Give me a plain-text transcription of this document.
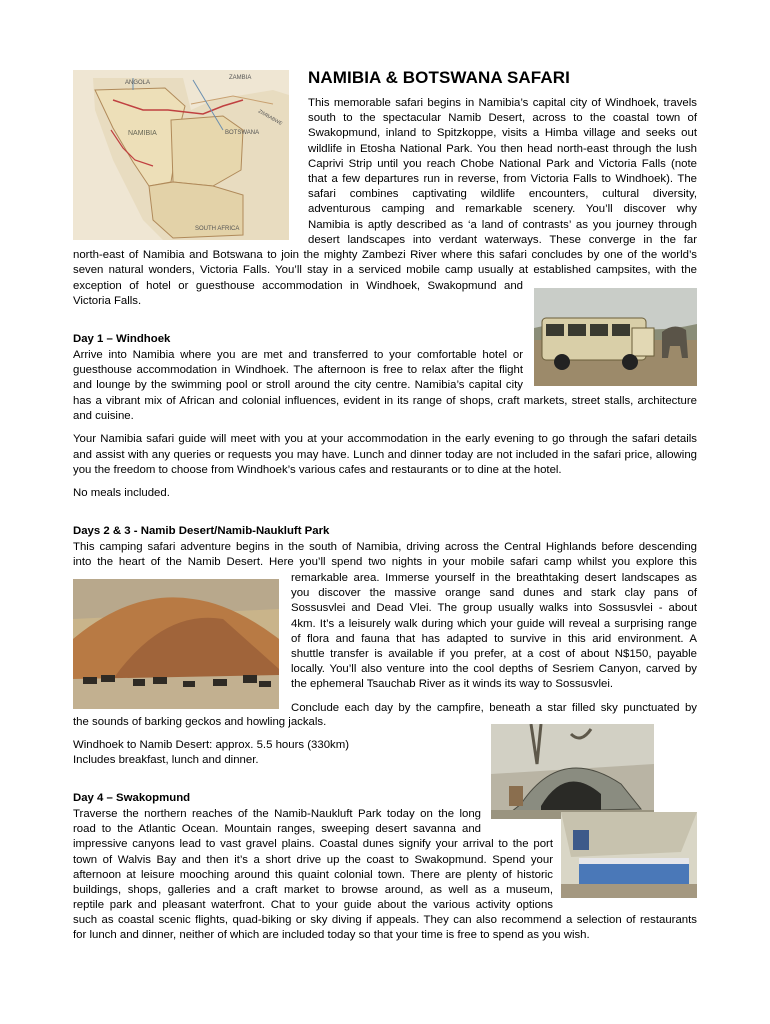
NAMIBIA & BOTSWANA SAFARI
ANGOLA
ZAMBIA
NAMIBIA	BOTSWANA
ZIMBABWE
SOUTH AFRICA

This memorable safari begins in Namibia’s capital city of Windhoek, travels

south to the spectacular Namib Desert, across to the coastal town of

Swakopmund, inland to Spitzkoppe, visits a Himba village and seeks out

wildlife in Etosha National Park. You then head north-east through the lush

Caprivi Strip until you reach Chobe National Park and Victoria Falls (note

that a few departures run in reverse, from Victoria Falls to Windhoek). The

safari combines captivating wildlife encounters, cultural diversity,

adventurous camping and remarkable scenery. You’ll discover why

Namibia is aptly described as ‘a land of contrasts’ as you journey through

desert landscapes into verdant waterways. These converge in the far

north-east of Namibia and Botswana to join the mighty Zambezi River where this safari concludes by one of the world’s

seven natural wonders, Victoria Falls. You’ll stay in a serviced mobile camp usually at established campsites, with the

exception of hotel or guesthouse accommodation in Windhoek, Swakopmund and

Victoria Falls.

Day 1 – Windhoek

Arrive into Namibia where you are met and transferred to your comfortable hotel or

guesthouse accommodation in Windhoek. The afternoon is free to relax after the flight

and lounge by the swimming pool or stroll around the city centre. Namibia’s capital city

has a vibrant mix of African and colonial influences, evident in its range of shops, craft markets, street stalls, architecture

and cuisine.

Your Namibia safari guide will meet with you at your accommodation in the early evening to go through the safari details and assist with any queries or requests you may have. Lunch and dinner today are not included in the safari price, allowing you the freedom to choose from Windhoek’s various cafes and restaurants or to dine at the hotel.

No meals included.

Days 2 & 3 - Namib Desert/Namib-Naukluft Park

This camping safari adventure begins in the south of Namibia, driving across the Central Highlands before descending

into the heart of the Namib Desert. Here you’ll spend two nights in your mobile safari camp whilst you explore this

remarkable area. Immerse yourself in the breathtaking desert landscapes as

you discover the massive orange sand dunes and stark clay pans of

Sossusvlei and Dead Vlei. The group usually walks into Sossusvlei - about

4km. It’s a leisurely walk during which your guide will reveal a surprising range

of flora and fauna that has adapted to survive in this arid environment. A

shuttle transfer is available if you prefer, at a cost of about N$150, payable

locally. You’ll also venture into the cool depths of Sesriem Canyon, carved by

the ephemeral Tsauchab River as it winds its way to Sossusvlei.

Conclude each day by the campfire, beneath a star filled sky punctuated by

the sounds of barking geckos and howling jackals.

Windhoek to Namib Desert: approx. 5.5 hours (330km)

Includes breakfast, lunch and dinner.

Day 4 – Swakopmund

Traverse the northern reaches of the Namib-Naukluft Park today on the long

road to the Atlantic Ocean. Mountain ranges, sweeping desert savanna and

impressive canyons lead to vast gravel plains. Coastal dunes signify your arrival to the port

town of Walvis Bay and then it’s a short drive up the coast to Swakopmund. Spend your

afternoon at leisure mooching around this quaint colonial town. There are plenty of historic

buildings, shops, galleries and a craft market to browse around, as well as a museum,

reptile park and pleasant waterfront. Chat to your guide about the various activity options

such as coastal scenic flights, quad-biking or sky diving if appeals. They can also recommend a selection of restaurants

for lunch and dinner, neither of which are included today so that your time is free to spend as you wish.
